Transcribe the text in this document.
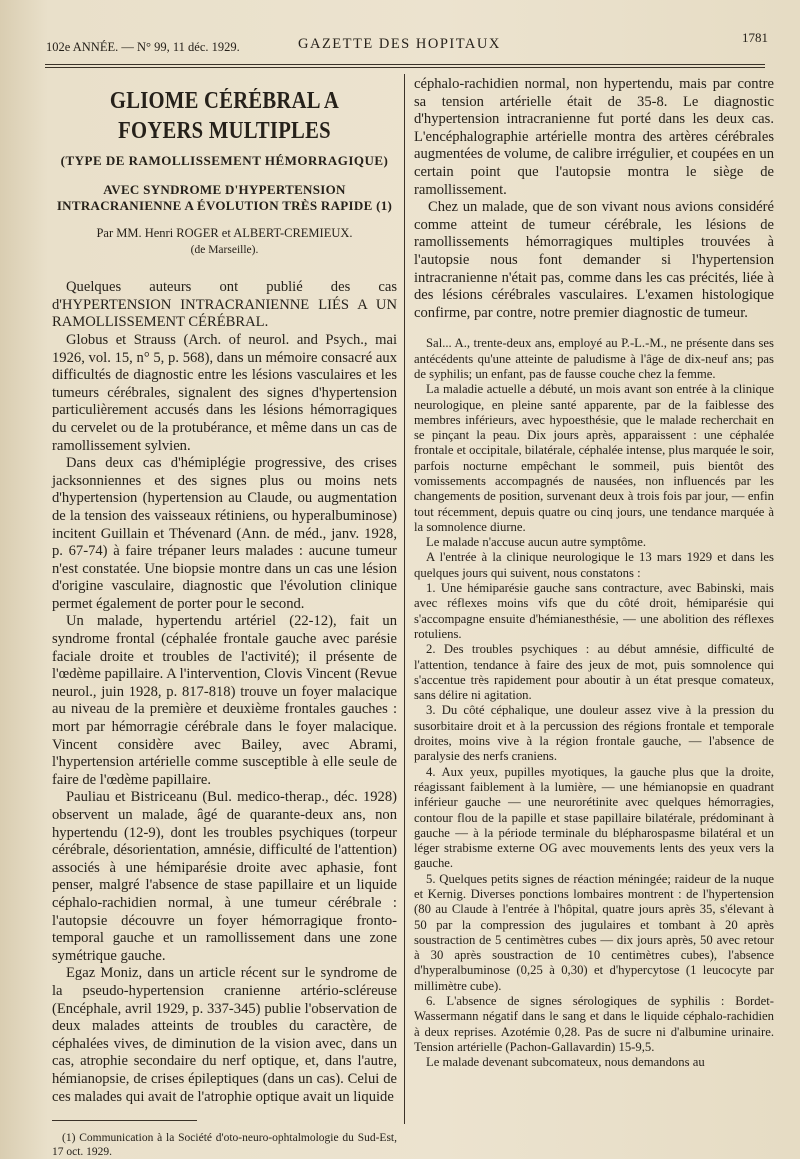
102e ANNÉE. — N° 99, 11 déc. 1929.	GAZETTE DES HOPITAUX	1781
GLIOME CÉRÉBRAL A FOYERS MULTIPLES
(TYPE DE RAMOLLISSEMENT HÉMORRAGIQUE)
AVEC SYNDROME D'HYPERTENSION INTRACRANIENNE A ÉVOLUTION TRÈS RAPIDE (1)
Par MM. Henri ROGER et ALBERT-CREMIEUX.
(de Marseille).

Quelques auteurs ont publié des cas d'HYPERTENSION INTRACRANIENNE LIÉS A UN RAMOLLISSEMENT CÉRÉBRAL.

Globus et Strauss (Arch. of neurol. and Psych., mai 1926, vol. 15, n° 5, p. 568), dans un mémoire consacré aux difficultés de diagnostic entre les lésions vasculaires et les tumeurs cérébrales, signalent des signes d'hypertension particulièrement accusés dans les lésions hémorragiques du cervelet ou de la protubérance, et même dans un cas de ramollissement sylvien.

Dans deux cas d'hémiplégie progressive, des crises jacksonniennes et des signes plus ou moins nets d'hypertension (hypertension au Claude, ou augmentation de la tension des vaisseaux rétiniens, ou hyperalbuminose) incitent Guillain et Thévenard (Ann. de méd., janv. 1928, p. 67-74) à faire trépaner leurs malades : aucune tumeur n'est constatée. Une biopsie montre dans un cas une lésion d'origine vasculaire, diagnostic que l'évolution clinique permet également de porter pour le second.

Un malade, hypertendu artériel (22-12), fait un syndrome frontal (céphalée frontale gauche avec parésie faciale droite et troubles de l'activité); il présente de l'œdème papillaire. A l'intervention, Clovis Vincent (Revue neurol., juin 1928, p. 817-818) trouve un foyer malacique au niveau de la première et deuxième frontales gauches : mort par hémorragie cérébrale dans le foyer malacique. Vincent considère avec Bailey, avec Abrami, l'hypertension artérielle comme susceptible à elle seule de faire de l'œdème papillaire.

Pauliau et Bistriceanu (Bul. medico-therap., déc. 1928) observent un malade, âgé de quarante-deux ans, non hypertendu (12-9), dont les troubles psychiques (torpeur cérébrale, désorientation, amnésie, difficulté de l'attention) associés à une hémiparésie droite avec aphasie, font penser, malgré l'absence de stase papillaire et un liquide céphalo-rachidien normal, à une tumeur cérébrale : l'autopsie découvre un foyer hémorragique fronto-temporal gauche et un ramollissement dans une zone symétrique gauche.

Egaz Moniz, dans un article récent sur le syndrome de la pseudo-hypertension cranienne artério-scléreuse (Encéphale, avril 1929, p. 337-345) publie l'observation de deux malades atteints de troubles du caractère, de céphalées vives, de diminution de la vision avec, dans un cas, atrophie secondaire du nerf optique, et, dans l'autre, hémianopsie, de crises épileptiques (dans un cas). Celui de ces malades qui avait de l'atrophie optique avait un liquide

(1) Communication à la Société d'oto-neuro-ophtalmologie du Sud-Est, 17 oct. 1929.

céphalo-rachidien normal, non hypertendu, mais par contre sa tension artérielle était de 35-8. Le diagnostic d'hypertension intracranienne fut porté dans les deux cas. L'encéphalographie artérielle montra des artères cérébrales augmentées de volume, de calibre irrégulier, et coupées en un certain point que l'autopsie montra le siège de ramollissement.

Chez un malade, que de son vivant nous avions considéré comme atteint de tumeur cérébrale, les lésions de ramollissements hémorragiques multiples trouvées à l'autopsie nous font demander si l'hypertension intracranienne n'était pas, comme dans les cas précités, liée à des lésions cérébrales vasculaires. L'examen histologique confirme, par contre, notre premier diagnostic de tumeur.

Sal... A., trente-deux ans, employé au P.-L.-M., ne présente dans ses antécédents qu'une atteinte de paludisme à l'âge de dix-neuf ans; pas de syphilis; un enfant, pas de fausse couche chez la femme.

La maladie actuelle a débuté, un mois avant son entrée à la clinique neurologique, en pleine santé apparente, par de la faiblesse des membres inférieurs, avec hypoesthésie, que le malade recherchait en se pinçant la peau. Dix jours après, apparaissent : une céphalée frontale et occipitale, bilatérale, céphalée intense, plus marquée le soir, parfois nocturne empêchant le sommeil, puis bientôt des vomissements accompagnés de nausées, non influencés par les changements de position, survenant deux à trois fois par jour, — enfin tout récemment, depuis quatre ou cinq jours, une tendance marquée à la somnolence diurne.

Le malade n'accuse aucun autre symptôme.

A l'entrée à la clinique neurologique le 13 mars 1929 et dans les quelques jours qui suivent, nous constatons :

1. Une hémiparésie gauche sans contracture, avec Babinski, mais avec réflexes moins vifs que du côté droit, hémiparésie qui s'accompagne ensuite d'hémianesthésie, — une abolition des réflexes rotuliens.

2. Des troubles psychiques : au début amnésie, difficulté de l'attention, tendance à faire des jeux de mot, puis somnolence qui s'accentue très rapidement pour aboutir à un état presque comateux, sans délire ni agitation.

3. Du côté céphalique, une douleur assez vive à la pression du susorbitaire droit et à la percussion des régions frontale et temporale droites, moins vive à la région frontale gauche, — l'absence de paralysie des nerfs craniens.

4. Aux yeux, pupilles myotiques, la gauche plus que la droite, réagissant faiblement à la lumière, — une hémianopsie en quadrant inférieur gauche — une neurorétinite avec quelques hémorragies, contour flou de la papille et stase papillaire bilatérale, prédominant à gauche — à la période terminale du blépharospasme bilatéral et un léger strabisme externe OG avec mouvements lents des yeux vers la gauche.

5. Quelques petits signes de réaction méningée; raideur de la nuque et Kernig. Diverses ponctions lombaires montrent : de l'hypertension (80 au Claude à l'entrée à l'hôpital, quatre jours après 35, s'élevant à 50 par la compression des jugulaires et tombant à 20 après soustraction de 5 centimètres cubes — dix jours après, 50 avec retour à 30 après soustraction de 10 centimètres cubes), l'absence d'hyperalbuminose (0,25 à 0,30) et d'hypercytose (1 leucocyte par millimètre cube).

6. L'absence de signes sérologiques de syphilis : Bordet-Wassermann négatif dans le sang et dans le liquide céphalo-rachidien à deux reprises. Azotémie 0,28. Pas de sucre ni d'albumine urinaire. Tension artérielle (Pachon-Gallavardin) 15-9,5.

Le malade devenant subcomateux, nous demandons au
